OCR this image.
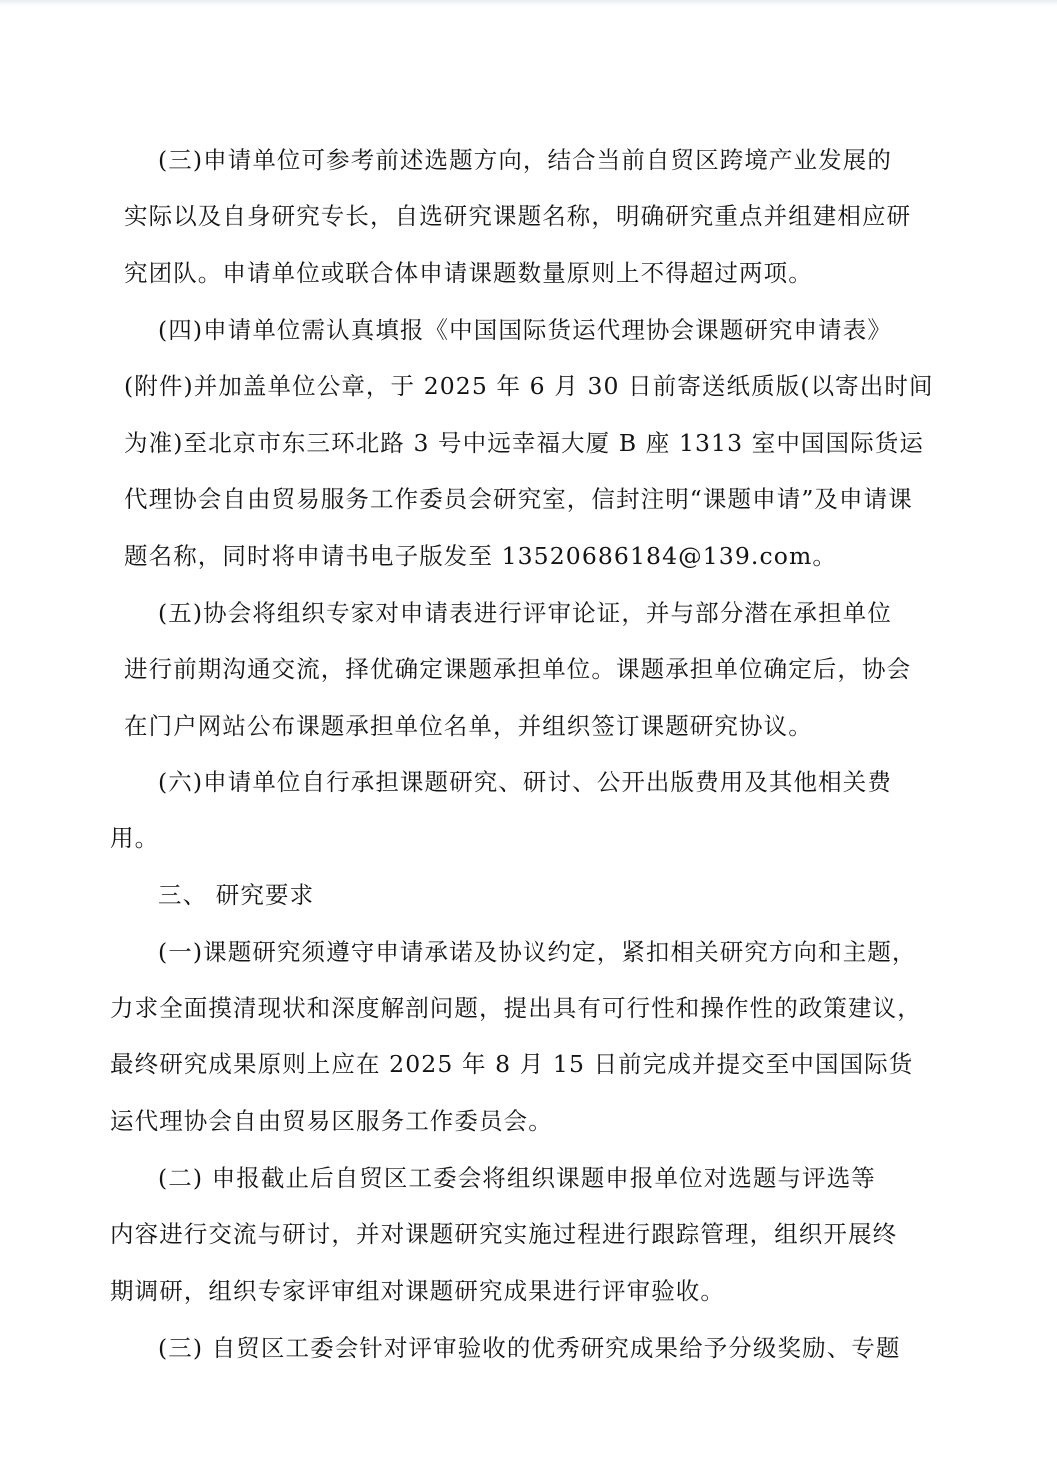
(三)申请单位可参考前述选题方向，结合当前自贸区跨境产业发展的
实际以及自身研究专长，自选研究课题名称，明确研究重点并组建相应研
究团队。申请单位或联合体申请课题数量原则上不得超过两项。
(四)申请单位需认真填报《中国国际货运代理协会课题研究申请表》
(附件)并加盖单位公章，于 2025 年 6 月 30 日前寄送纸质版(以寄出时间
为准)至北京市东三环北路 3 号中远幸福大厦 B 座 1313 室中国国际货运
代理协会自由贸易服务工作委员会研究室，信封注明“课题申请”及申请课
题名称，同时将申请书电子版发至 13520686184@139.com。
(五)协会将组织专家对申请表进行评审论证，并与部分潜在承担单位
进行前期沟通交流，择优确定课题承担单位。课题承担单位确定后，协会
在门户网站公布课题承担单位名单，并组织签订课题研究协议。
(六)申请单位自行承担课题研究、研讨、公开出版费用及其他相关费
用。
三、 研究要求
(一)课题研究须遵守申请承诺及协议约定，紧扣相关研究方向和主题，
力求全面摸清现状和深度解剖问题，提出具有可行性和操作性的政策建议，
最终研究成果原则上应在 2025 年 8 月 15 日前完成并提交至中国国际货
运代理协会自由贸易区服务工作委员会。
(二) 申报截止后自贸区工委会将组织课题申报单位对选题与评选等
内容进行交流与研讨，并对课题研究实施过程进行跟踪管理，组织开展终
期调研，组织专家评审组对课题研究成果进行评审验收。
(三) 自贸区工委会针对评审验收的优秀研究成果给予分级奖励、专题
